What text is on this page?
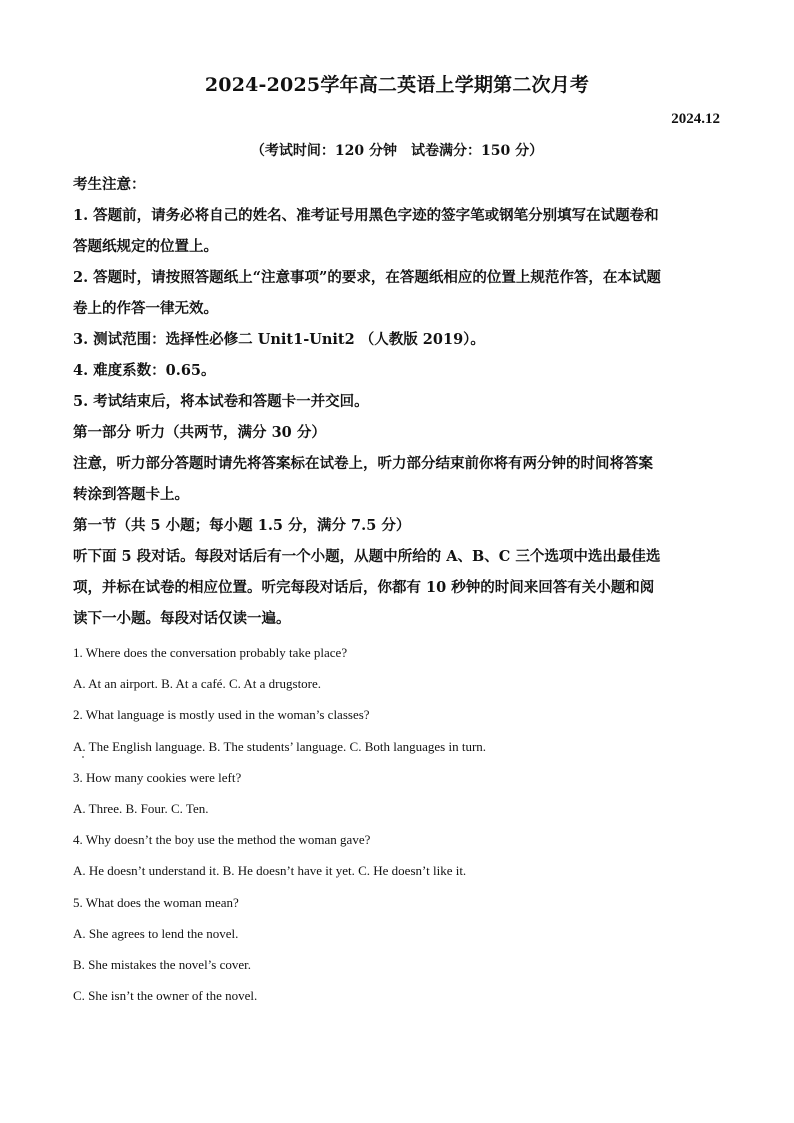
2024-2025学年高二英语上学期第二次月考
2024.12
（考试时间：120 分钟　试卷满分：150 分）

考生注意：

1. 答题前，请务必将自己的姓名、准考证号用黑色字迹的签字笔或钢笔分别填写在试题卷和

答题纸规定的位置上。

2. 答题时，请按照答题纸上“注意事项”的要求，在答题纸相应的位置上规范作答，在本试题

卷上的作答一律无效。

3. 测试范围：选择性必修二 Unit1-Unit2 （人教版 2019）。

4. 难度系数：0.65。

5. 考试结束后，将本试卷和答题卡一并交回。

第一部分 听力（共两节，满分 30 分）

注意，听力部分答题时请先将答案标在试卷上，听力部分结束前你将有两分钟的时间将答案

转涂到答题卡上。

第一节（共 5 小题；每小题 1.5 分，满分 7.5 分）

听下面 5 段对话。每段对话后有一个小题，从题中所给的 A、B、C 三个选项中选出最佳选

项，并标在试卷的相应位置。听完每段对话后，你都有 10 秒钟的时间来回答有关小题和阅

读下一小题。每段对话仅读一遍。

1. Where does the conversation probably take place?

A. At an airport. B. At a café. C. At a drugstore.

2. What language is mostly used in the woman’s classes?

A. The English language. B. The students’ language. C. Both languages in turn.

3. How many cookies were left?

A. Three. B. Four. C. Ten.

4. Why doesn’t the boy use the method the woman gave?

A. He doesn’t understand it. B. He doesn’t have it yet. C. He doesn’t like it.

5. What does the woman mean?

A. She agrees to lend the novel.

B. She mistakes the novel’s cover.

C. She isn’t the owner of the novel.
